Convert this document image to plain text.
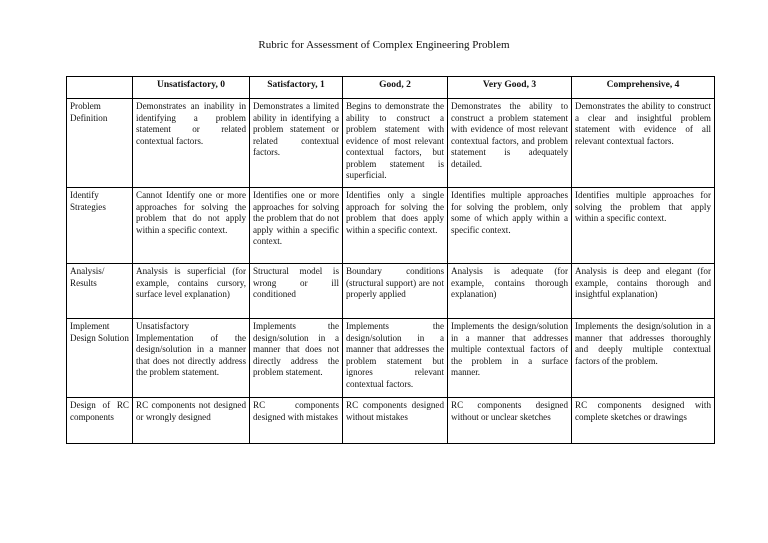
Rubric for Assessment of Complex Engineering Problem
	Unsatisfactory, 0	Satisfactory, 1	Good, 2	Very Good, 3	Comprehensive, 4
Problem Definition	Demonstrates an inability in identifying a problem statement or related contextual factors.	Demonstrates a limited ability in identifying a problem statement or related contextual factors.	Begins to demonstrate the ability to construct a problem statement with evidence of most relevant contextual factors, but problem statement is superficial.	Demonstrates the ability to construct a problem statement with evidence of most relevant contextual factors, and problem statement is adequately detailed.	Demonstrates the ability to construct a clear and insightful problem statement with evidence of all relevant contextual factors.
Identify Strategies	Cannot Identify one or more approaches for solving the problem that do not apply within a specific context.	Identifies one or more approaches for solving the problem that do not apply within a specific context.	Identifies only a single approach for solving the problem that does apply within a specific context.	Identifies multiple approaches for solving the problem, only some of which apply within a specific context.	Identifies multiple approaches for solving the problem that apply within a specific context.
Analysis/ Results	Analysis is superficial (for example, contains cursory, surface level explanation)	Structural model is wrong or ill conditioned	Boundary conditions (structural support) are not properly applied	Analysis is adequate (for example, contains thorough explanation)	Analysis is deep and elegant (for example, contains thorough and insightful explanation)
Implement Design Solution	Unsatisfactory Implementation of the design/solution in a manner that does not directly address the problem statement.	Implements the design/solution in a manner that does not directly address the problem statement.	Implements the design/solution in a manner that addresses the problem statement but ignores relevant contextual factors.	Implements the design/solution in a manner that addresses multiple contextual factors of the problem in a surface manner.	Implements the design/solution in a manner that addresses thoroughly and deeply multiple contextual factors of the problem.
Design of RC components	RC components not designed or wrongly designed	RC components designed with mistakes	RC components designed without mistakes	RC components designed without or unclear sketches	RC components designed with complete sketches or drawings
